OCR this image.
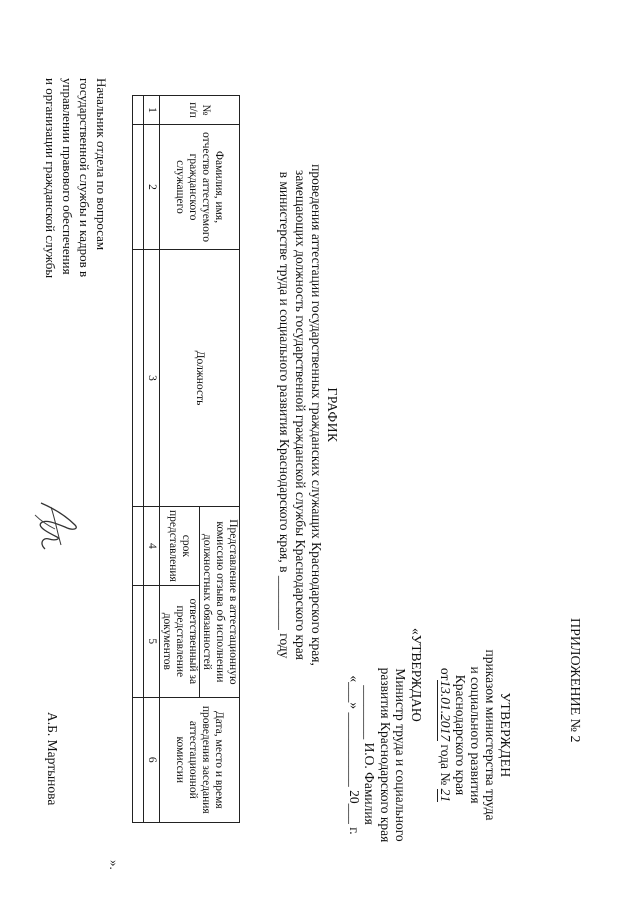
ПРИЛОЖЕНИЕ № 2
УТВЕРЖДЕН
приказом министерства труда
и социального развития
Краснодарского края
от13.01.2017 года № 21
«УТВЕРЖДАЮ
Министр труда и социального
развития Краснодарского края
________ И.О. Фамилия
«___» ___________ 20___ г.
ГРАФИК
проведения аттестации государственных гражданских служащих Краснодарского края,
замещающих должность государственной гражданской службы Краснодарского края
в министерстве труда и социального развития Краснодарского края, в ________ году
№ п/п	Фамилия, имя, отчество аттестуемого гражданского служащего	Должность	Представление в аттестационную комиссию отзыва об исполнении должностных обязанностей		Дата, место и время проведения заседания аттестационной комиссии
			срок представления	ответственный за представление документов	
1	2	3	4	5	6

».
Начальник отдела по вопросам
государственной службы и кадров в
управлении правового обеспечения
и организации гражданской службы
А.Б. Мартынова
